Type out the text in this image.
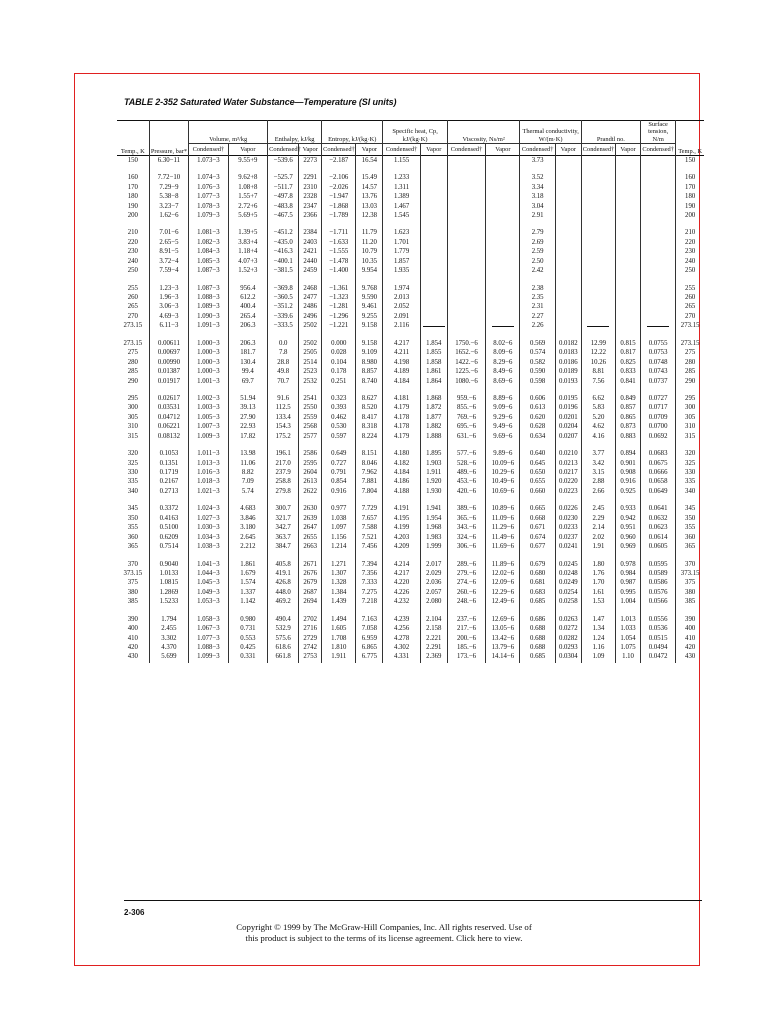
TABLE 2-352 Saturated Water Substance—Temperature (SI units)
Temp., K	Pressure, bar*	Volume, m³/kg		Enthalpy, kJ/kg		Entropy, kJ/(kg·K)		Specific heat, Cp, kJ/(kg·K)		Viscosity, Ns/m²		Thermal conductivity, W/(m·K)		Prandtl no.		Surface tension, N/m	Temp., K
		Condensed†	Vapor	Condensed†	Vapor	Condensed†	Vapor	Condensed†	Vapor	Condensed†	Vapor	Condensed†	Vapor	Condensed†	Vapor	Condensed†	
150	6.30−11	1.073−3	9.55+9	−539.6	2273	−2.187	16.54	1.155				3.73					150

160	7.72−10	1.074−3	9.62+8	−525.7	2291	−2.106	15.49	1.233				3.52					160
170	7.29−9	1.076−3	1.08+8	−511.7	2310	−2.026	14.57	1.311				3.34					170
180	5.38−8	1.077−3	1.55+7	−497.8	2328	−1.947	13.76	1.389				3.18					180
190	3.23−7	1.078−3	2.72+6	−483.8	2347	−1.868	13.03	1.467				3.04					190
200	1.62−6	1.079−3	5.69+5	−467.5	2366	−1.789	12.38	1.545				2.91					200

210	7.01−6	1.081−3	1.39+5	−451.2	2384	−1.711	11.79	1.623				2.79					210
220	2.65−5	1.082−3	3.83+4	−435.0	2403	−1.633	11.20	1.701				2.69					220
230	8.91−5	1.084−3	1.18+4	−416.3	2421	−1.555	10.79	1.779				2.59					230
240	3.72−4	1.085−3	4.07+3	−400.1	2440	−1.478	10.35	1.857				2.50					240
250	7.59−4	1.087−3	1.52+3	−381.5	2459	−1.400	9.954	1.935				2.42					250

255	1.23−3	1.087−3	956.4	−369.8	2468	−1.361	9.768	1.974				2.38					255
260	1.96−3	1.088−3	612.2	−360.5	2477	−1.323	9.590	2.013				2.35					260
265	3.06−3	1.089−3	400.4	−351.2	2486	−1.281	9.461	2.052				2.31					265
270	4.69−3	1.090−3	265.4	−339.6	2496	−1.296	9.255	2.091				2.27					270
273.15	6.11−3	1.091−3	206.3	−333.5	2502	−1.221	9.158	2.116				2.26					273.15

273.15	0.00611	1.000−3	206.3	0.0	2502	0.000	9.158	4.217	1.854	1750.−6	8.02−6	0.569	0.0182	12.99	0.815	0.0755	273.15
275	0.00697	1.000−3	181.7	7.8	2505	0.028	9.109	4.211	1.855	1652.−6	8.09−6	0.574	0.0183	12.22	0.817	0.0753	275
280	0.00990	1.000−3	130.4	28.8	2514	0.104	8.980	4.198	1.858	1422.−6	8.29−6	0.582	0.0186	10.26	0.825	0.0748	280
285	0.01387	1.000−3	99.4	49.8	2523	0.178	8.857	4.189	1.861	1225.−6	8.49−6	0.590	0.0189	8.81	0.833	0.0743	285
290	0.01917	1.001−3	69.7	70.7	2532	0.251	8.740	4.184	1.864	1080.−6	8.69−6	0.598	0.0193	7.56	0.841	0.0737	290

295	0.02617	1.002−3	51.94	91.6	2541	0.323	8.627	4.181	1.868	959.−6	8.89−6	0.606	0.0195	6.62	0.849	0.0727	295
300	0.03531	1.003−3	39.13	112.5	2550	0.393	8.520	4.179	1.872	855.−6	9.09−6	0.613	0.0196	5.83	0.857	0.0717	300
305	0.04712	1.005−3	27.90	133.4	2559	0.462	8.417	4.178	1.877	769.−6	9.29−6	0.620	0.0201	5.20	0.865	0.0709	305
310	0.06221	1.007−3	22.93	154.3	2568	0.530	8.318	4.178	1.882	695.−6	9.49−6	0.628	0.0204	4.62	0.873	0.0700	310
315	0.08132	1.009−3	17.82	175.2	2577	0.597	8.224	4.179	1.888	631.−6	9.69−6	0.634	0.0207	4.16	0.883	0.0692	315

320	0.1053	1.011−3	13.98	196.1	2586	0.649	8.151	4.180	1.895	577.−6	9.89−6	0.640	0.0210	3.77	0.894	0.0683	320
325	0.1351	1.013−3	11.06	217.0	2595	0.727	8.046	4.182	1.903	528.−6	10.09−6	0.645	0.0213	3.42	0.901	0.0675	325
330	0.1719	1.016−3	8.82	237.9	2604	0.791	7.962	4.184	1.911	489.−6	10.29−6	0.650	0.0217	3.15	0.908	0.0666	330
335	0.2167	1.018−3	7.09	258.8	2613	0.854	7.881	4.186	1.920	453.−6	10.49−6	0.655	0.0220	2.88	0.916	0.0658	335
340	0.2713	1.021−3	5.74	279.8	2622	0.916	7.804	4.188	1.930	420.−6	10.69−6	0.660	0.0223	2.66	0.925	0.0649	340

345	0.3372	1.024−3	4.683	300.7	2630	0.977	7.729	4.191	1.941	389.−6	10.89−6	0.665	0.0226	2.45	0.933	0.0641	345
350	0.4163	1.027−3	3.846	321.7	2639	1.038	7.657	4.195	1.954	365.−6	11.09−6	0.668	0.0230	2.29	0.942	0.0632	350
355	0.5100	1.030−3	3.180	342.7	2647	1.097	7.588	4.199	1.968	343.−6	11.29−6	0.671	0.0233	2.14	0.951	0.0623	355
360	0.6209	1.034−3	2.645	363.7	2655	1.156	7.521	4.203	1.983	324.−6	11.49−6	0.674	0.0237	2.02	0.960	0.0614	360
365	0.7514	1.038−3	2.212	384.7	2663	1.214	7.456	4.209	1.999	306.−6	11.69−6	0.677	0.0241	1.91	0.969	0.0605	365

370	0.9040	1.041−3	1.861	405.8	2671	1.271	7.394	4.214	2.017	289.−6	11.89−6	0.679	0.0245	1.80	0.978	0.0595	370
373.15	1.0133	1.044−3	1.679	419.1	2676	1.307	7.356	4.217	2.029	279.−6	12.02−6	0.680	0.0248	1.76	0.984	0.0589	373.15
375	1.0815	1.045−3	1.574	426.8	2679	1.328	7.333	4.220	2.036	274.−6	12.09−6	0.681	0.0249	1.70	0.987	0.0586	375
380	1.2869	1.049−3	1.337	448.0	2687	1.384	7.275	4.226	2.057	260.−6	12.29−6	0.683	0.0254	1.61	0.995	0.0576	380
385	1.5233	1.053−3	1.142	469.2	2694	1.439	7.218	4.232	2.080	248.−6	12.49−6	0.685	0.0258	1.53	1.004	0.0566	385

390	1.794	1.058−3	0.980	490.4	2702	1.494	7.163	4.239	2.104	237.−6	12.69−6	0.686	0.0263	1.47	1.013	0.0556	390
400	2.455	1.067−3	0.731	532.9	2716	1.605	7.058	4.256	2.158	217.−6	13.05−6	0.688	0.0272	1.34	1.033	0.0536	400
410	3.302	1.077−3	0.553	575.6	2729	1.708	6.959	4.278	2.221	200.−6	13.42−6	0.688	0.0282	1.24	1.054	0.0515	410
420	4.370	1.088−3	0.425	618.6	2742	1.810	6.865	4.302	2.291	185.−6	13.79−6	0.688	0.0293	1.16	1.075	0.0494	420
430	5.699	1.099−3	0.331	661.8	2753	1.911	6.775	4.331	2.369	173.−6	14.14−6	0.685	0.0304	1.09	1.10	0.0472	430
2-306
Copyright © 1999 by The McGraw-Hill Companies, Inc. All rights reserved. Use of
this product is subject to the terms of its license agreement. Click here to view.
